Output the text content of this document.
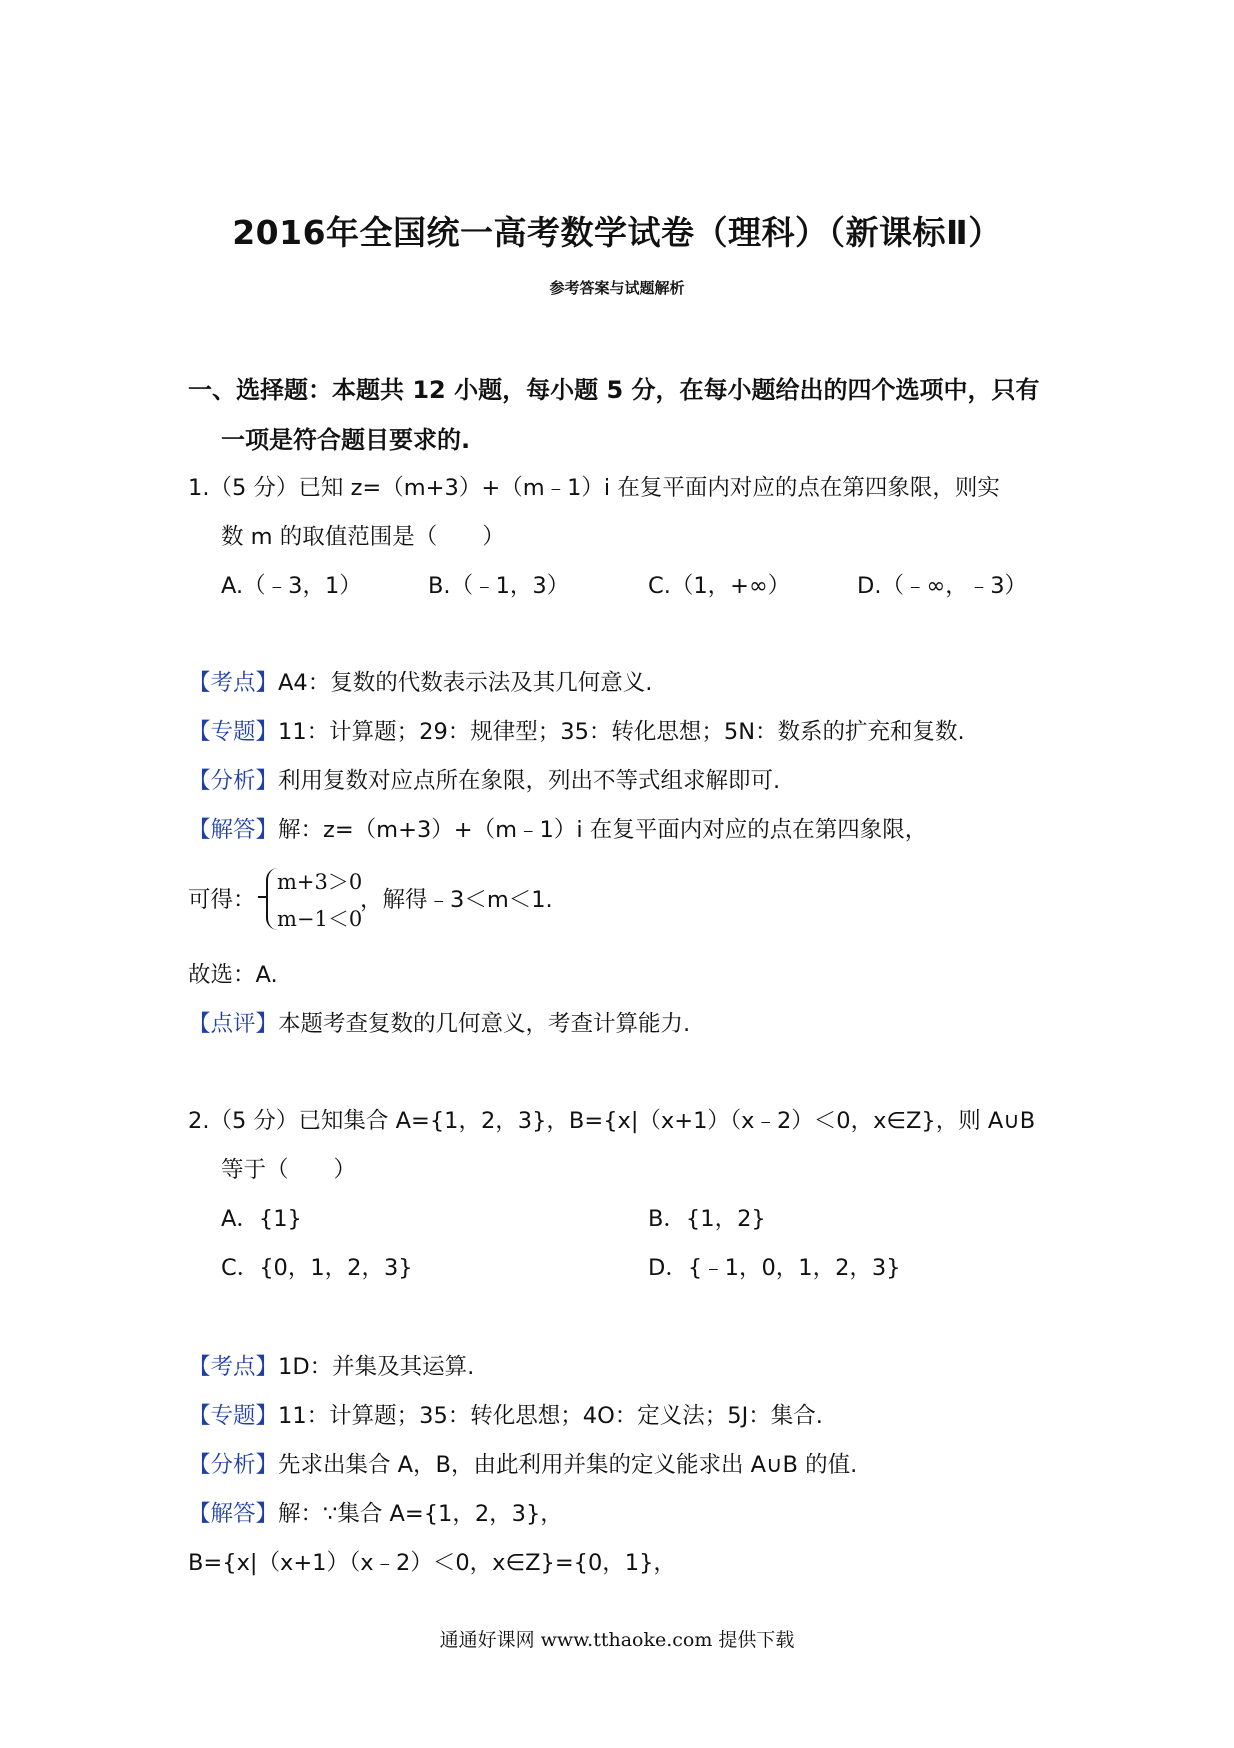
2016年全国统一高考数学试卷（理科）（新课标Ⅱ）
参考答案与试题解析
一、选择题：本题共 12 小题，每小题 5 分，在每小题给出的四个选项中，只有
一项是符合题目要求的.
1.（5 分）已知 z=（m+3）+（m﹣1）i 在复平面内对应的点在第四象限，则实
数 m 的取值范围是（　　）
A.（﹣3，1）	B.（﹣1，3）	C.（1，+∞）	D.（﹣∞，﹣3）
【考点】A4：复数的代数表示法及其几何意义.
【专题】11：计算题；29：规律型；35：转化思想；5N：数系的扩充和复数.
【分析】利用复数对应点所在象限，列出不等式组求解即可.
【解答】解：z=（m+3）+（m﹣1）i 在复平面内对应的点在第四象限，
可得：
m+3＞0
m−1＜0
，解得﹣3＜m＜1.
故选：A.
【点评】本题考查复数的几何意义，考查计算能力.
2.（5 分）已知集合 A={1，2，3}，B={x|（x+1）（x﹣2）＜0，x∈Z}，则 A∪B
等于（　　）
A．{1}	B．{1，2}
C．{0，1，2，3}	D．{﹣1，0，1，2，3}
【考点】1D：并集及其运算.
【专题】11：计算题；35：转化思想；4O：定义法；5J：集合.
【分析】先求出集合 A，B，由此利用并集的定义能求出 A∪B 的值.
【解答】解：∵集合 A={1，2，3}，
B={x|（x+1）（x﹣2）＜0，x∈Z}={0，1}，
通通好课网 www.tthaoke.com 提供下载
